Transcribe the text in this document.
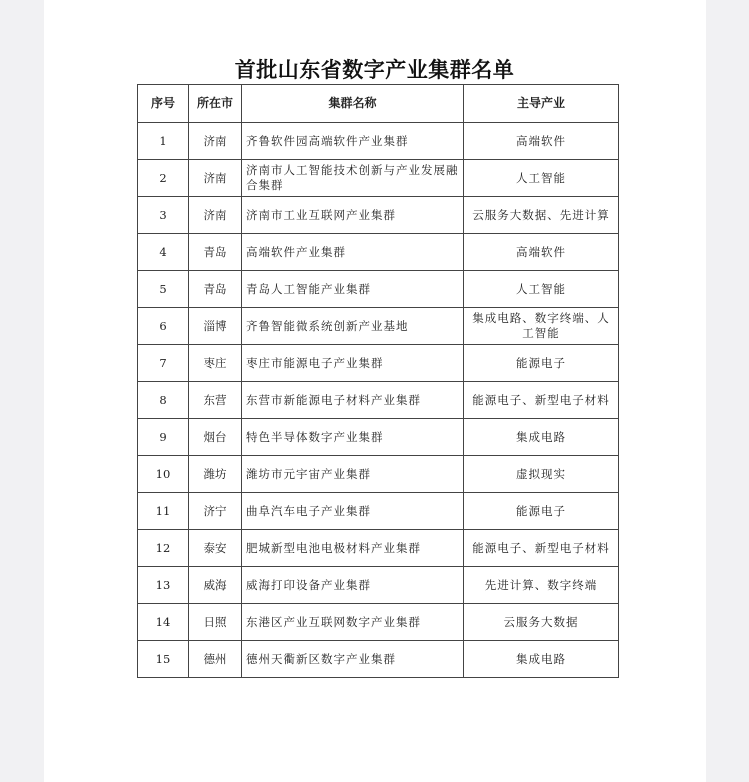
首批山东省数字产业集群名单
序号	所在市	集群名称	主导产业
1	济南	齐鲁软件园高端软件产业集群	高端软件
2	济南	济南市人工智能技术创新与产业发展融合集群	人工智能
3	济南	济南市工业互联网产业集群	云服务大数据、先进计算
4	青岛	高端软件产业集群	高端软件
5	青岛	青岛人工智能产业集群	人工智能
6	淄博	齐鲁智能微系统创新产业基地	集成电路、数字终端、人工智能
7	枣庄	枣庄市能源电子产业集群	能源电子
8	东营	东营市新能源电子材料产业集群	能源电子、新型电子材料
9	烟台	特色半导体数字产业集群	集成电路
10	潍坊	潍坊市元宇宙产业集群	虚拟现实
11	济宁	曲阜汽车电子产业集群	能源电子
12	泰安	肥城新型电池电极材料产业集群	能源电子、新型电子材料
13	威海	威海打印设备产业集群	先进计算、数字终端
14	日照	东港区产业互联网数字产业集群	云服务大数据
15	德州	德州天衢新区数字产业集群	集成电路
